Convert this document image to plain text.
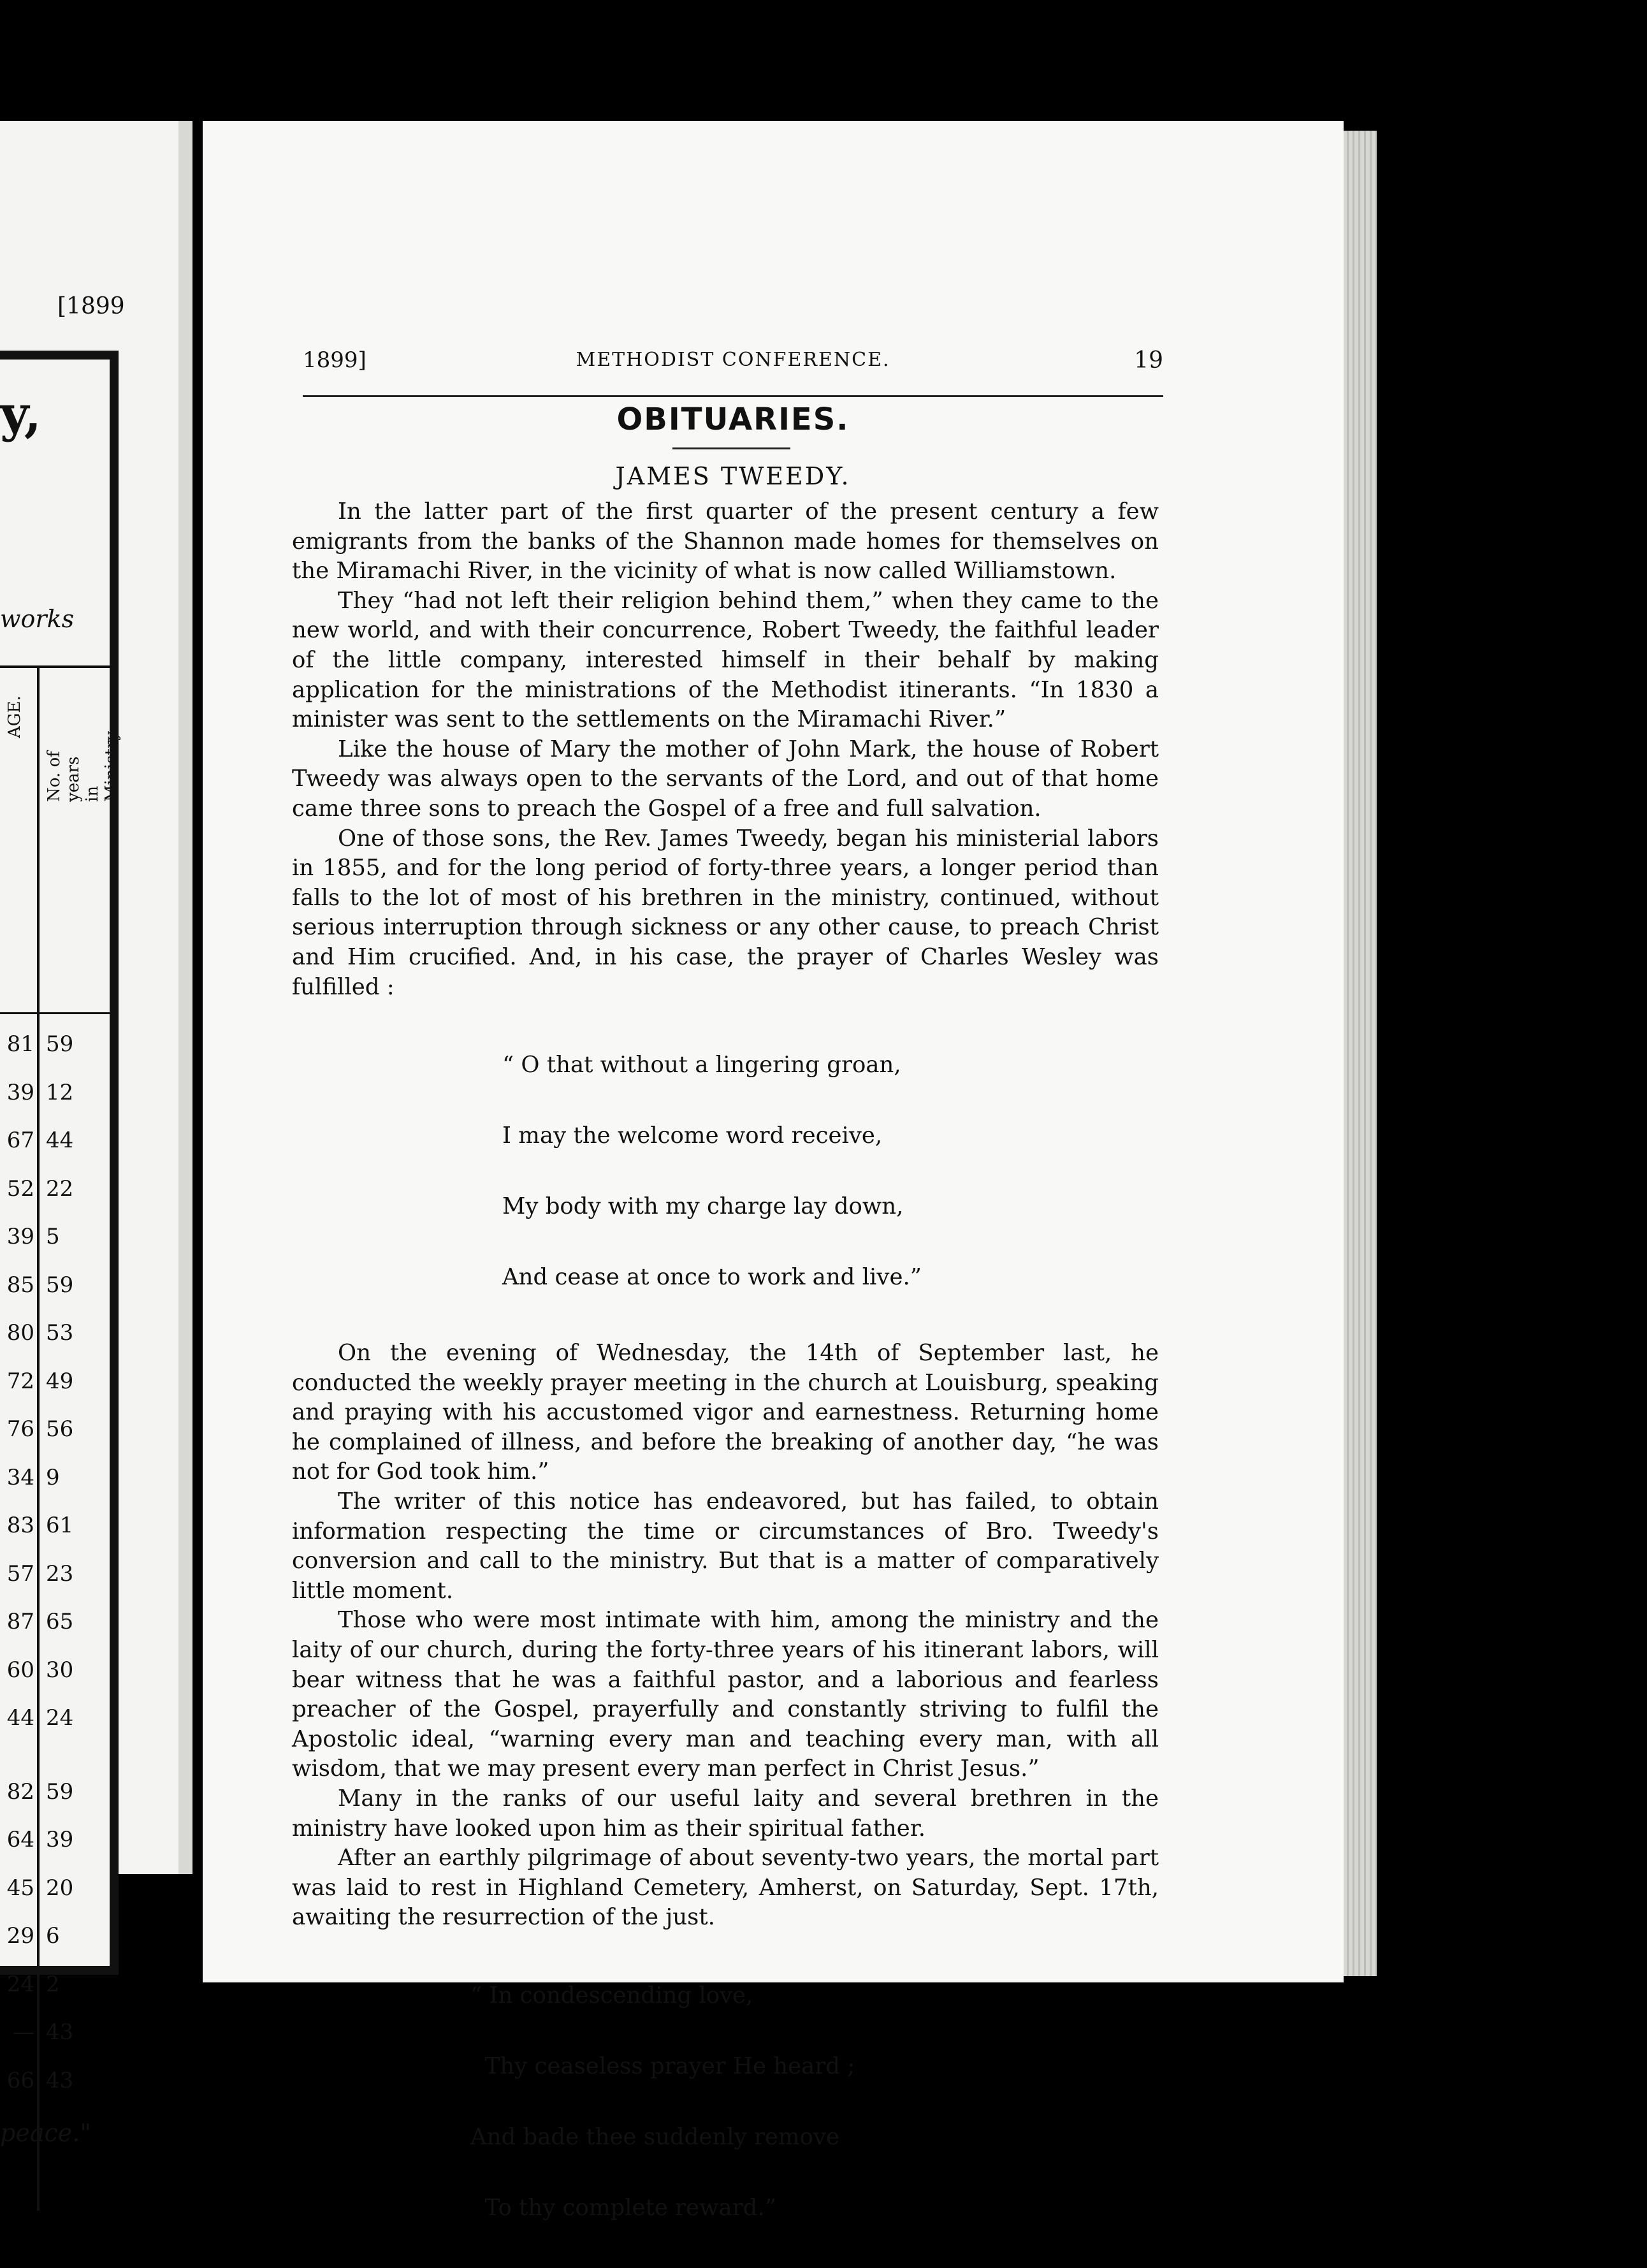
[1899
y,
works
AGE.
No. of years in Ministry.
81 59
39 12
67 44
52 22
39 5
85 59
80 53
72 49
76 56
34 9
83 61
57 23
87 65
60 30
44 24
82 59
64 39
45 20
29 6
24 2
— 43
66 43
peace."
1899]	METHODIST CONFERENCE.	19
OBITUARIES.
JAMES TWEEDY.

In the latter part of the first quarter of the present century a few emigrants from the banks of the Shannon made homes for themselves on the Miramachi River, in the vicinity of what is now called Williamstown.

They “had not left their religion behind them,” when they came to the new world, and with their concurrence, Robert Tweedy, the faithful leader of the little company, interested himself in their behalf by making application for the ministrations of the Methodist itinerants. “In 1830 a minister was sent to the settlements on the Miramachi River.”

Like the house of Mary the mother of John Mark, the house of Robert Tweedy was always open to the servants of the Lord, and out of that home came three sons to preach the Gospel of a free and full salvation.

One of those sons, the Rev. James Tweedy, began his ministerial labors in 1855, and for the long period of forty-three years, a longer period than falls to the lot of most of his brethren in the ministry, continued, without serious interruption through sickness or any other cause, to preach Christ and Him crucified. And, in his case, the prayer of Charles Wesley was fulfilled :

“ O that without a lingering groan,

I may the welcome word receive,

My body with my charge lay down,

And cease at once to work and live.”

On the evening of Wednesday, the 14th of September last, he conducted the weekly prayer meeting in the church at Louisburg, speaking and praying with his accustomed vigor and earnestness. Returning home he complained of illness, and before the breaking of another day, “he was not for God took him.”

The writer of this notice has endeavored, but has failed, to obtain information respecting the time or circumstances of Bro. Tweedy's conversion and call to the ministry. But that is a matter of comparatively little moment.

Those who were most intimate with him, among the ministry and the laity of our church, during the forty-three years of his itinerant labors, will bear witness that he was a faithful pastor, and a laborious and fearless preacher of the Gospel, prayerfully and constantly striving to fulfil the Apostolic ideal, “warning every man and teaching every man, with all wisdom, that we may present every man perfect in Christ Jesus.”

Many in the ranks of our useful laity and several brethren in the ministry have looked upon him as their spiritual father.

After an earthly pilgrimage of about seventy-two years, the mortal part was laid to rest in Highland Cemetery, Amherst, on Saturday, Sept. 17th, awaiting the resurrection of the just.

“ In condescending love,

Thy ceaseless prayer He heard ;

And bade thee suddenly remove

To thy complete reward.”
